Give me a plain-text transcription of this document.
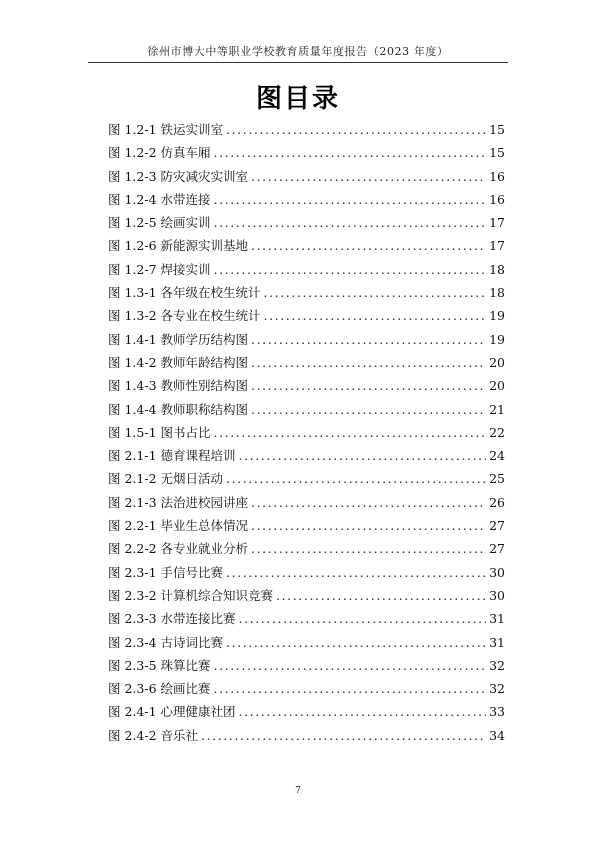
徐州市博大中等职业学校教育质量年度报告（2023 年度）
图目录
图 1.2-1 铁运实训室 .....	15
图 1.2-2 仿真车厢 .....	15
图 1.2-3 防灾减灾实训室 .....	16
图 1.2-4 水带连接 .....	16
图 1.2-5 绘画实训 .....	17
图 1.2-6 新能源实训基地 .....	17
图 1.2-7 焊接实训 .....	18
图 1.3-1 各年级在校生统计 .....	18
图 1.3-2 各专业在校生统计 .....	19
图 1.4-1 教师学历结构图 .....	19
图 1.4-2 教师年龄结构图 .....	20
图 1.4-3 教师性别结构图 .....	20
图 1.4-4 教师职称结构图 .....	21
图 1.5-1 图书占比 .....	22
图 2.1-1 德育课程培训 .....	24
图 2.1-2 无烟日活动 .....	25
图 2.1-3 法治进校园讲座 .....	26
图 2.2-1 毕业生总体情况 .....	27
图 2.2-2 各专业就业分析 .....	27
图 2.3-1 手信号比赛 .....	30
图 2.3-2 计算机综合知识竞赛 .....	30
图 2.3-3 水带连接比赛 .....	31
图 2.3-4 古诗词比赛 .....	31
图 2.3-5 珠算比赛 .....	32
图 2.3-6 绘画比赛 .....	32
图 2.4-1 心理健康社团 .....	33
图 2.4-2 音乐社 .....	34
7
